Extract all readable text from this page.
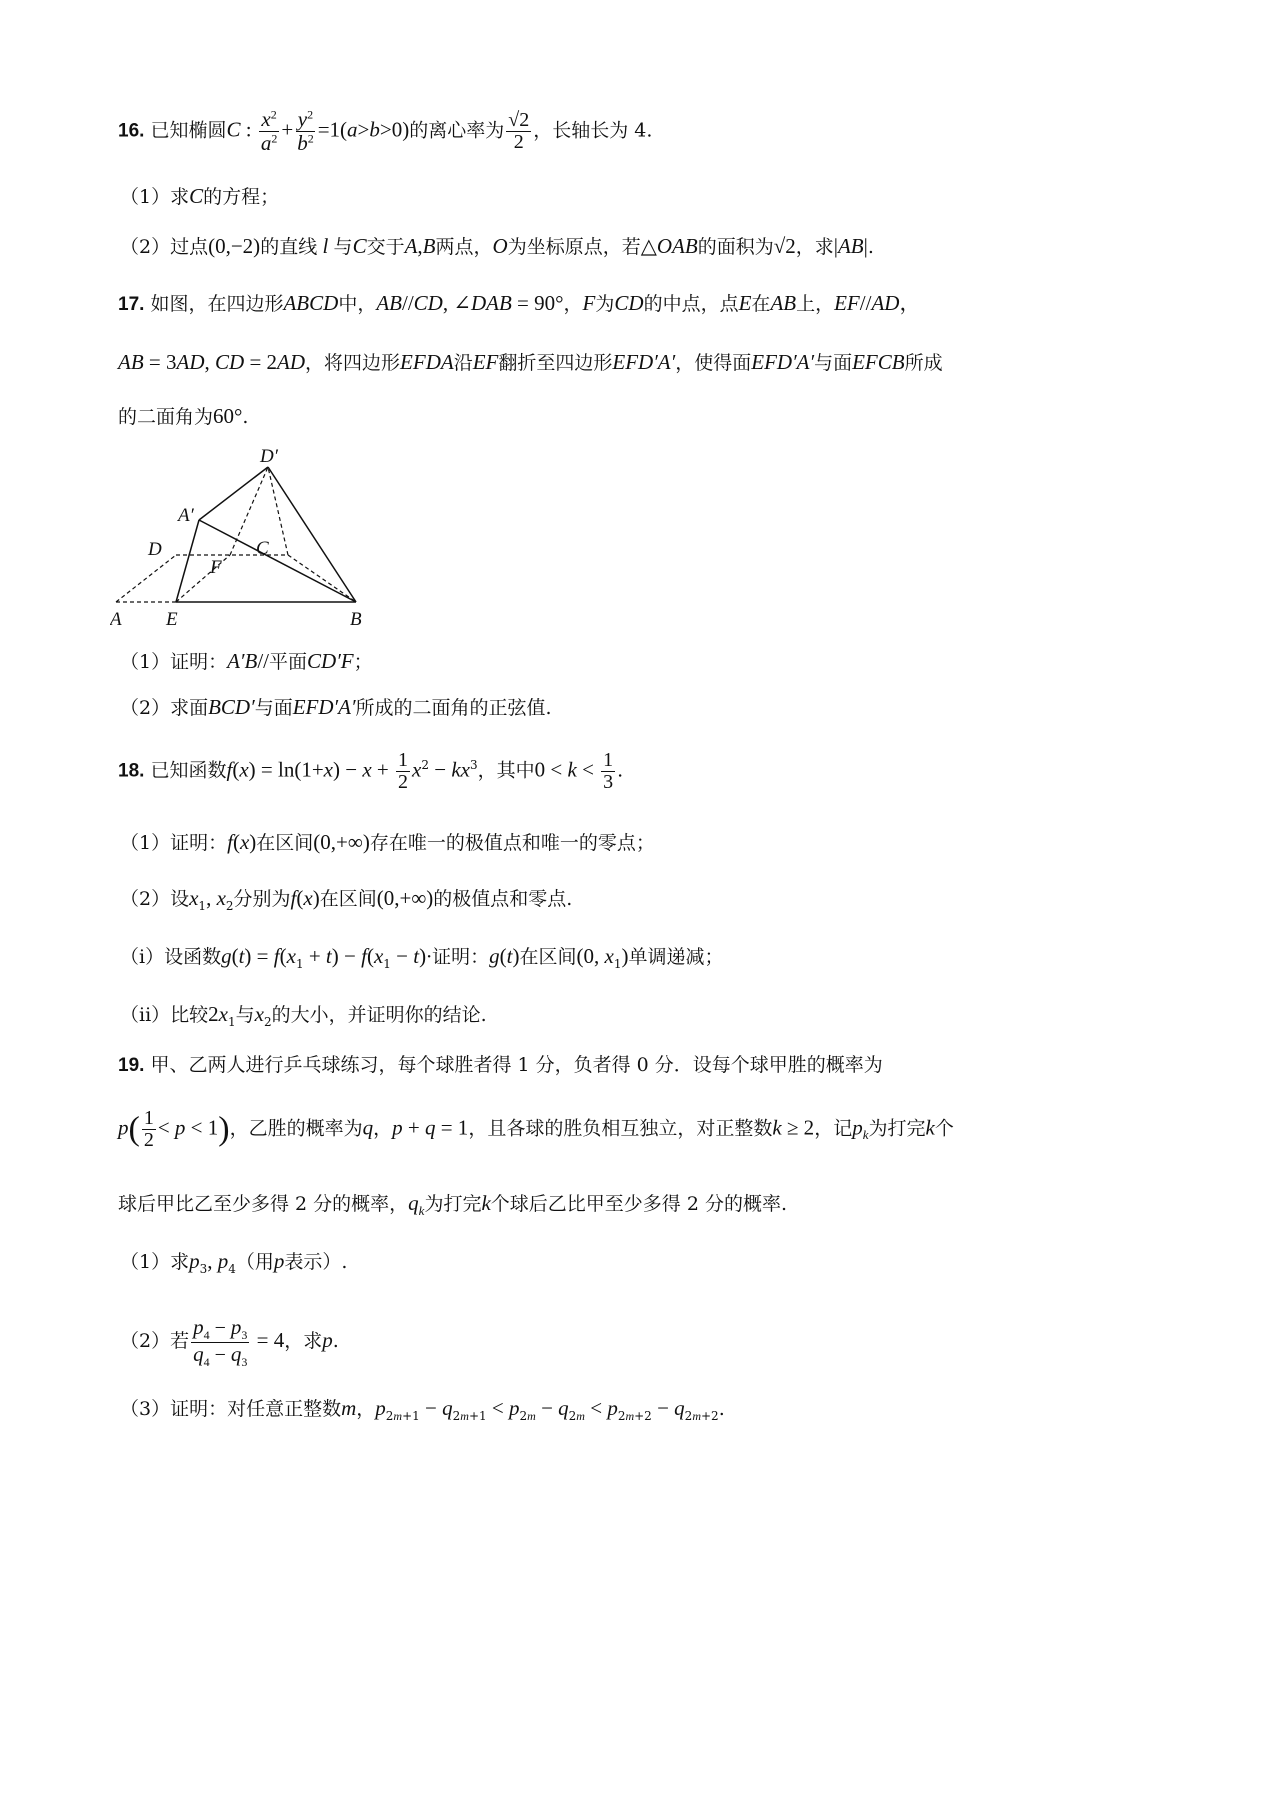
16. 已知椭圆C : $\frac{x^2}{a^2} + \frac{y^2}{b^2} =1(a>b>0)$的离心率为 $\frac{√2}{2}$ ，长轴长为 4.
（1）求C的方程；
（2）过点(0,−2)的直线 l 与C交于A,B两点，O为坐标原点，若△OAB的面积为√2，求|AB|.
17. 如图，在四边形ABCD中，AB//CD, ∠DAB = 90°，F为CD的中点，点E在AB上，EF//AD，
AB = 3AD, CD = 2AD，将四边形EFDA沿EF翻折至四边形EFD′A′，使得面EFD′A′与面EFCB所成
的二面角为60°.
D′
A′
D	C
F
A E	B
（1）证明：A′B//平面CD′F；
（2）求面BCD′与面EFD′A′所成的二面角的正弦值.
18. 已知函数$f(x) = \ln(1+x) - x + \frac{1}{2} x^2 - kx^3$，其中$0 < k < \frac{1}{3}$ .
（1）证明：f(x)在区间(0,+∞)存在唯一的极值点和唯一的零点；
（2）设$x_1$, $x_2$分别为f(x)在区间(0,+∞)的极值点和零点.
（i）设函数$g(t) = f(x_1 + t) - f(x_1 - t)\cdot$证明：g(t)在区间(0, $x_1$)单调递减；
（ii）比较$2x_1$与$x_2$的大小，并证明你的结论.
19. 甲、乙两人进行乒乓球练习，每个球胜者得 1 分，负者得 0 分．设每个球甲胜的概率为
$p( \frac{1}{2} < p < 1)$，乙胜的概率为q，p + q = 1，且各球的胜负相互独立，对正整数k ≥ 2，记$p_k$为打完k个
球后甲比乙至少多得 2 分的概率，$q_k$为打完k个球后乙比甲至少多得 2 分的概率.
（1）求$p_3$, $p_4$（用p表示）.
（2）若 $\frac{p_4 - p_3}{q_4 - q_3} = 4$，求p.
（3）证明：对任意正整数m，$p_{2m+1} - q_{2m+1} < p_{2m} - q_{2m} < p_{2m+2} - q_{2m+2}$.
